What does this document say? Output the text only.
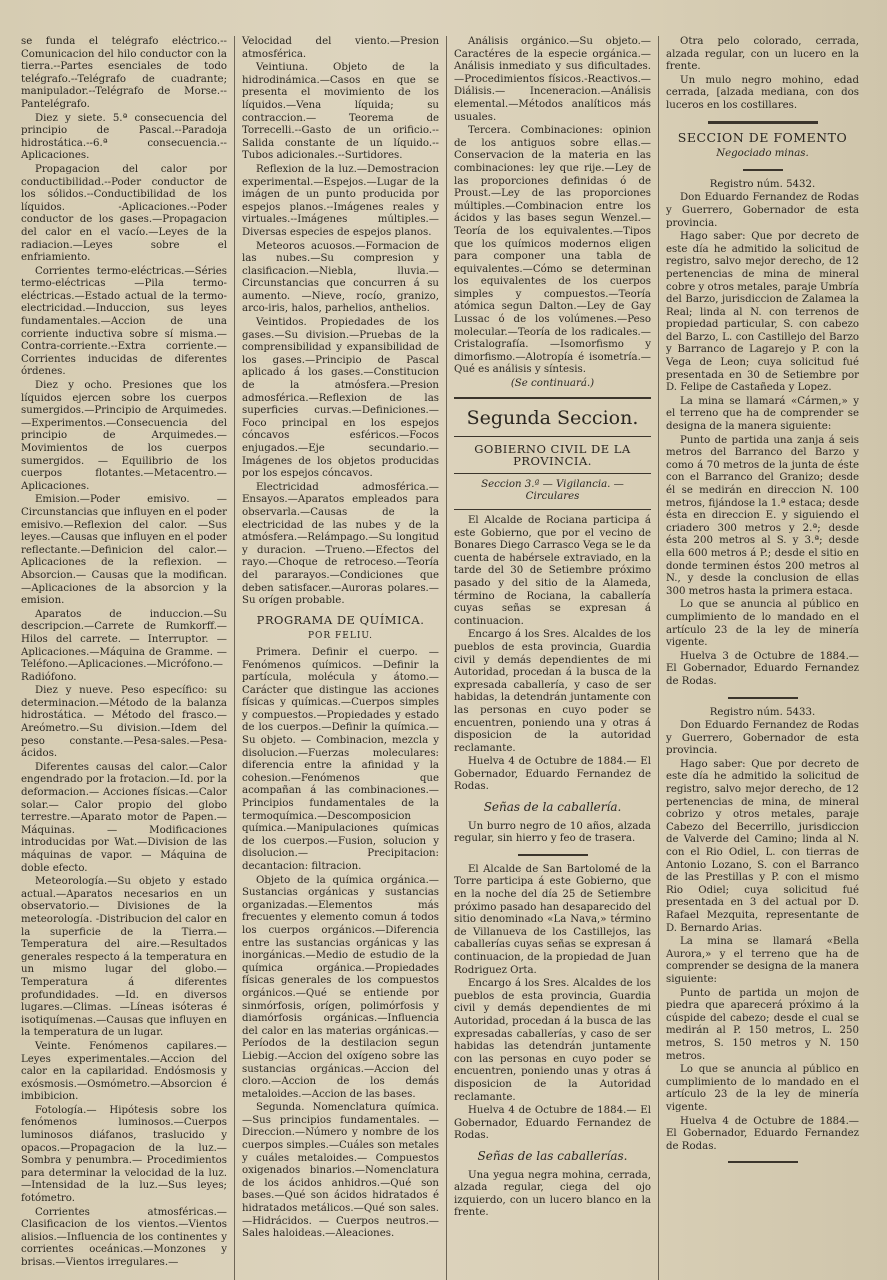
se funda el telégrafo eléctrico.--Comunicacion del hilo conductor con la tierra.--Partes esenciales de todo telégrafo.--Telégrafo de cuadrante; manipulador.--Telégrafo de Morse.--Pantelégrafo.

Diez y siete. 5.ª consecuencia del principio de Pascal.--Paradoja hidrostática.--6.ª consecuencia.--Aplicaciones.

Propagacion del calor por conductibilidad.--Poder conductor de los sólidos.--Conductibilidad de los líquidos. -Aplicaciones.--Poder conductor de los gases.—Propagacion del calor en el vacío.—Leyes de la radiacion.—Leyes sobre el enfriamiento.

Corrientes termo-eléctricas.—Séries termo-eléctricas —Pila termo-eléctricas.—Estado actual de la termo-electricidad.—Induccion, sus leyes fundamentales.—Accion de una corriente inductiva sobre sí misma.—Contra-corriente.--Extra corriente.—Corrientes inducidas de diferentes órdenes.

Diez y ocho. Presiones que los líquidos ejercen sobre los cuerpos sumergidos.—Principio de Arquimedes.—Experimentos.—Consecuencia del principio de Arquimedes.—Movimientos de los cuerpos sumergidos. — Equilibrio de los cuerpos flotantes.—Metacentro.—Aplicaciones.

Emision.—Poder emisivo. —Circunstancias que influyen en el poder emisivo.—Reflexion del calor. —Sus leyes.—Causas que influyen en el poder reflectante.—Definicion del calor.—Aplicaciones de la reflexion. — Absorcion.— Causas que la modifican.—Aplicaciones de la absorcion y la emision.

Aparatos de induccion.—Su descripcion.—Carrete de Rumkorff.—Hilos del carrete. — Interruptor. — Aplicaciones.—Máquina de Gramme. —Teléfono.—Aplicaciones.—Micrófono.—Radiófono.

Diez y nueve. Peso específico: su determinacion.—Método de la balanza hidrostática. — Método del frasco.—Areómetro.—Su division.—Idem del peso constante.—Pesa-sales.—Pesa-ácidos.

Diferentes causas del calor.—Calor engendrado por la frotacion.—Id. por la deformacion.— Acciones físicas.—Calor solar.— Calor propio del globo terrestre.—Aparato motor de Papen.—Máquinas. — Modificaciones introducidas por Wat.—Division de las máquinas de vapor. — Máquina de doble efecto.

Meteorología.—Su objeto y estado actual.—Aparatos necesarios en un observatorio.— Divisiones de la meteorología. -Distribucion del calor en la superficie de la Tierra.—Temperatura del aire.—Resultados generales respecto á la temperatura en un mismo lugar del globo.—Temperatura á diferentes profundidades. —Id. en diversos lugares.—Climas. —Líneas isóteras é isotiquímenas.—Causas que influyen en la temperatura de un lugar.

Veinte. Fenómenos capilares.— Leyes experimentales.—Accion del calor en la capilaridad. Endósmosis y exósmosis.—Osmómetro.—Absorcion é imbibicion.

Fotología.— Hipótesis sobre los fenómenos luminosos.—Cuerpos luminosos diáfanos, traslucido y opacos.—Propagacion de la luz.—Sombra y penumbra.— Procedimientos para determinar la velocidad de la luz.—Intensidad de la luz.—Sus leyes; fotómetro.

Corrientes atmosféricas.—Clasificacion de los vientos.—Vientos alisios.—Influencia de los continentes y corrientes oceánicas.—Monzones y brisas.—Vientos irregulares.—

Velocidad del viento.—Presion atmosférica.

Veintiuna. Objeto de la hidrodinámica.—Casos en que se presenta el movimiento de los líquidos.—Vena líquida; su contraccion.— Teorema de Torrecelli.--Gasto de un orificio.--Salida constante de un líquido.--Tubos adicionales.--Surtidores.

Reflexion de la luz.—Demostracion experimental.—Espejos.—Lugar de la imágen de un punto producida por espejos planos.--Imágenes reales y virtuales.--Imágenes múltiples.—Diversas especies de espejos planos.

Meteoros acuosos.—Formacion de las nubes.—Su compresion y clasificacion.—Niebla, lluvia.—Circunstancias que concurren á su aumento. —Nieve, rocío, granizo, arco-iris, halos, parhelios, anthelios.

Veintidos. Propiedades de los gases.—Su division.—Pruebas de la comprensibilidad y expansibilidad de los gases.—Principio de Pascal aplicado á los gases.—Constitucion de la atmósfera.—Presion admosférica.—Reflexion de las superficies curvas.—Definiciones.—Foco principal en los espejos cóncavos esféricos.—Focos enjugados.—Eje secundario.—Imágenes de los objetos producidas por los espejos cóncavos.

Electricidad admosférica.—Ensayos.—Aparatos empleados para observarla.—Causas de la electricidad de las nubes y de la atmósfera.—Relámpago.—Su longitud y duracion. —Trueno.—Efectos del rayo.—Choque de retroceso.—Teoría del pararayos.—Condiciones que deben satisfacer.—Auroras polares.—Su orígen probable.

PROGRAMA DE QUÍMICA.
POR FELIU.

Primera. Definir el cuerpo. —Fenómenos químicos. —Definir la partícula, molécula y átomo.—Carácter que distingue las acciones físicas y químicas.—Cuerpos simples y compuestos.—Propiedades y estado de los cuerpos.—Definir la química.—Su objeto. — Combinacion, mezcla y disolucion.—Fuerzas moleculares: diferencia entre la afinidad y la cohesion.—Fenómenos que acompañan á las combinaciones.—Principios fundamentales de la termoquímica.—Descomposicion química.—Manipulaciones químicas de los cuerpos.—Fusion, solucion y disolucion.— Precipitacion: decantacion: filtracion.

Objeto de la química orgánica.—Sustancias orgánicas y sustancias organizadas.—Elementos más frecuentes y elemento comun á todos los cuerpos orgánicos.—Diferencia entre las sustancias orgánicas y las inorgánicas.—Medio de estudio de la química orgánica.—Propiedades físicas generales de los compuestos orgánicos.—Qué se entiende por sinmórfosis, orígen, polimórfosis y diamórfosis orgánicas.—Influencia del calor en las materias orgánicas.—Períodos de la destilacion segun Liebig.—Accion del oxígeno sobre las sustancias orgánicas.—Accion del cloro.—Accion de los demás metaloides.—Accion de las bases.

Segunda. Nomenclatura química.—Sus principios fundamentales. —Direccion.—Número y nombre de los cuerpos simples.—Cuáles son metales y cuáles metaloides.— Compuestos oxigenados binarios.—Nomenclatura de los ácidos anhidros.—Qué son bases.—Qué son ácidos hidratados é hidratados metálicos.—Qué son sales.—Hidrácidos. — Cuerpos neutros.—Sales haloideas.—Aleaciones.

Análisis orgánico.—Su objeto.—Caractéres de la especie orgánica.—Análisis inmediato y sus dificultades.—Procedimientos físicos.-Reactivos.—Diálisis.— Inceneracion.—Análisis elemental.—Métodos analíticos más usuales.

Tercera. Combinaciones: opinion de los antiguos sobre ellas.—Conservacion de la materia en las combinaciones: ley que rije.—Ley de las proporciones definidas ó de Proust.—Ley de las proporciones múltiples.—Combinacion entre los ácidos y las bases segun Wenzel.—Teoría de los equivalentes.—Tipos que los químicos modernos eligen para componer una tabla de equivalentes.—Cómo se determinan los equivalentes de los cuerpos simples y compuestos.—Teoría atómica segun Dalton.—Ley de Gay Lussac ó de los volúmenes.—Peso molecular.—Teoría de los radicales.—Cristalografía. —Isomorfismo y dimorfismo.—Alotropía é isometría.—Qué es análisis y síntesis.

(Se continuará.)

Segunda Seccion.
GOBIERNO CIVIL DE LA PROVINCIA.

Seccion 3.ª — Vigilancia. — Circulares

El Alcalde de Rociana participa á este Gobierno, que por el vecino de Bonares Diego Carrasco Vega se le da cuenta de habérsele extraviado, en la tarde del 30 de Setiembre próximo pasado y del sitio de la Alameda, término de Rociana, la caballería cuyas señas se expresan á continuacion.

Encargo á los Sres. Alcaldes de los pueblos de esta provincia, Guardia civil y demás dependientes de mi Autoridad, procedan á la busca de la expresada caballería, y caso de ser habidas, la detendrán juntamente con las personas en cuyo poder se encuentren, poniendo una y otras á disposicion de la autoridad reclamante.

Huelva 4 de Octubre de 1884.— El Gobernador, Eduardo Fernandez de Rodas.

Señas de la caballería.

Un burro negro de 10 años, alzada regular, sin hierro y feo de trasera.

El Alcalde de San Bartolomé de la Torre participa á este Gobierno, que en la noche del día 25 de Setiembre próximo pasado han desaparecido del sitio denominado «La Nava,» término de Villanueva de los Castillejos, las caballerías cuyas señas se expresan á continuacion, de la propiedad de Juan Rodriguez Orta.

Encargo á los Sres. Alcaldes de los pueblos de esta provincia, Guardia civil y demás dependientes de mi Autoridad, procedan á la busca de las expresadas caballerías, y caso de ser habidas las detendrán juntamente con las personas en cuyo poder se encuentren, poniendo unas y otras á disposicion de la Autoridad reclamante.

Huelva 4 de Octubre de 1884.— El Gobernador, Eduardo Fernandez de Rodas.

Señas de las caballerías.

Una yegua negra mohina, cerrada, alzada regular, ciega del ojo izquierdo, con un lucero blanco en la frente.

Otra pelo colorado, cerrada, alzada regular, con un lucero en la frente.

Un mulo negro mohino, edad cerrada, [alzada mediana, con dos luceros en los costillares.

SECCION DE FOMENTO

Negociado minas.

Registro núm. 5432.

Don Eduardo Fernandez de Rodas y Guerrero, Gobernador de esta provincia.

Hago saber: Que por decreto de este día he admitido la solicitud de registro, salvo mejor derecho, de 12 pertenencias de mina de mineral cobre y otros metales, paraje Umbría del Barzo, jurisdiccion de Zalamea la Real; linda al N. con terrenos de propiedad particular, S. con cabezo del Barzo, L. con Castillejo del Barzo y Barranco de Lagarejo y P. con la Vega de Leon; cuya solicitud fué presentada en 30 de Setiembre por D. Felipe de Castañeda y Lopez.

La mina se llamará «Cármen,» y el terreno que ha de comprender se designa de la manera siguiente:

Punto de partida una zanja á seis metros del Barranco del Barzo y como á 70 metros de la junta de éste con el Barranco del Granizo; desde él se medirán en direccion N. 100 metros, fijándose la 1.ª estaca; desde ésta en direccion E. y siguiendo el criadero 300 metros y 2.ª; desde ésta 200 metros al S. y 3.ª; desde ella 600 metros á P.; desde el sitio en donde terminen éstos 200 metros al N., y desde la conclusion de ellas 300 metros hasta la primera estaca.

Lo que se anuncia al público en cumplimiento de lo mandado en el artículo 23 de la ley de minería vigente.

Huelva 3 de Octubre de 1884.— El Gobernador, Eduardo Fernandez de Rodas.

Registro núm. 5433.

Don Eduardo Fernandez de Rodas y Guerrero, Gobernador de esta provincia.

Hago saber: Que por decreto de este día he admitido la solicitud de registro, salvo mejor derecho, de 12 pertenencias de mina, de mineral cobrizo y otros metales, paraje Cabezo del Becerrillo, jurisdiccion de Valverde del Camino; linda al N. con el Rio Odiel, L. con tierras de Antonio Lozano, S. con el Barranco de las Prestillas y P. con el mismo Rio Odiel; cuya solicitud fué presentada en 3 del actual por D. Rafael Mezquita, representante de D. Bernardo Arias.

La mina se llamará «Bella Aurora,» y el terreno que ha de comprender se designa de la manera siguiente:

Punto de partida un mojon de piedra que aparecerá próximo á la cúspide del cabezo; desde el cual se medirán al P. 150 metros, L. 250 metros, S. 150 metros y N. 150 metros.

Lo que se anuncia al público en cumplimiento de lo mandado en el artículo 23 de la ley de minería vigente.

Huelva 4 de Octubre de 1884.— El Gobernador, Eduardo Fernandez de Rodas.
